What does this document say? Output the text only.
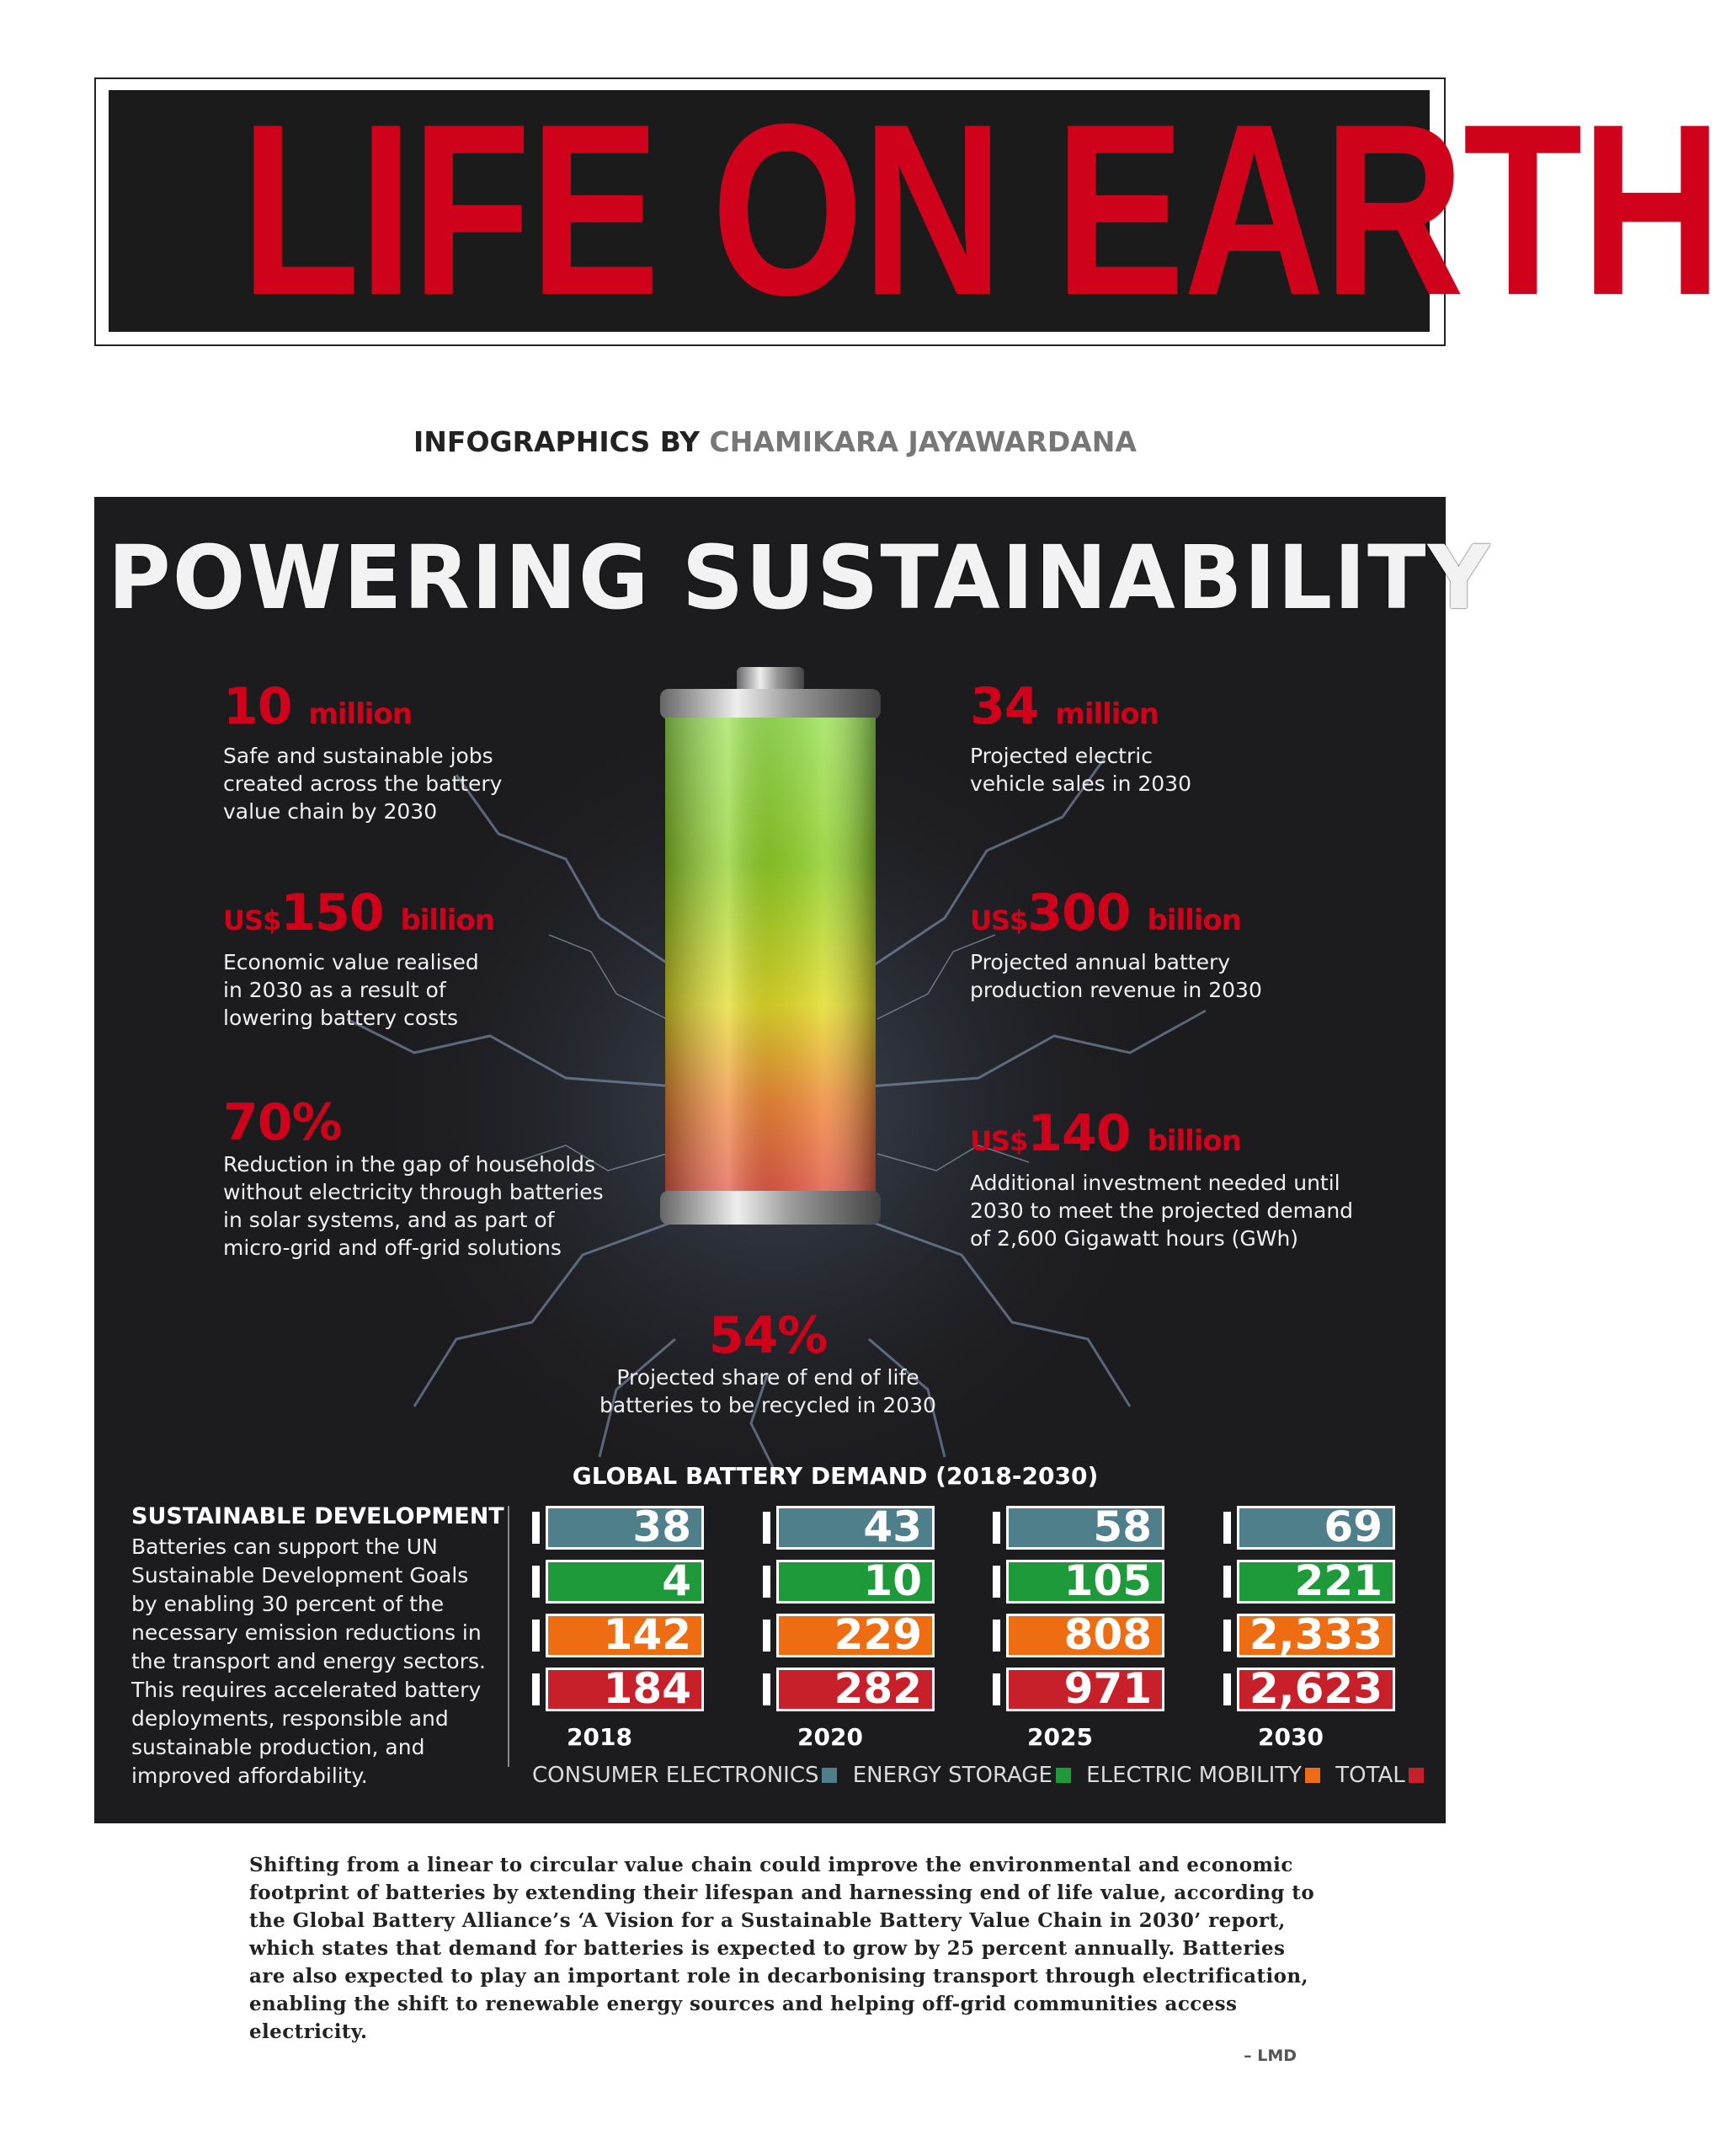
LIFE ON EARTH
INFOGRAPHICS BY CHAMIKARA JAYAWARDANA
POWERING SUSTAINABILITY
10 million
Safe and sustainable jobs
created across the battery
value chain by 2030
34 million
Projected electric
vehicle sales in 2030
US$150 billion
Economic value realised
in 2030 as a result of
lowering battery costs
US$300 billion
Projected annual battery
production revenue in 2030
70%
Reduction in the gap of households
without electricity through batteries
in solar systems, and as part of
micro-grid and off-grid solutions
US$140 billion
Additional investment needed until
2030 to meet the projected demand
of 2,600 Gigawatt hours (GWh)
54%
Projected share of end of life
batteries to be recycled in 2030
SUSTAINABLE DEVELOPMENT
Batteries can support the UN Sustainable Development Goals by enabling 30 percent of the necessary emission reductions in the transport and energy sectors. This requires accelerated battery deployments, responsible and sustainable production, and improved affordability.
GLOBAL BATTERY DEMAND (2018-2030)
38
4
142
184
2018
43
10
229
282
2020
58
105
808
971
2025
69
221
2,333
2,623
2030
CONSUMER ELECTRONICS ENERGY STORAGE ELECTRIC MOBILITY TOTAL
Shifting from a linear to circular value chain could improve the environmental and economic footprint of batteries by extending their lifespan and harnessing end of life value, according to the Global Battery Alliance’s ‘A Vision for a Sustainable Battery Value Chain in 2030’ report, which states that demand for batteries is expected to grow by 25 percent annually. Batteries are also expected to play an important role in decarbonising transport through electrification, enabling the shift to renewable energy sources and helping off-grid communities access electricity.
– LMD
